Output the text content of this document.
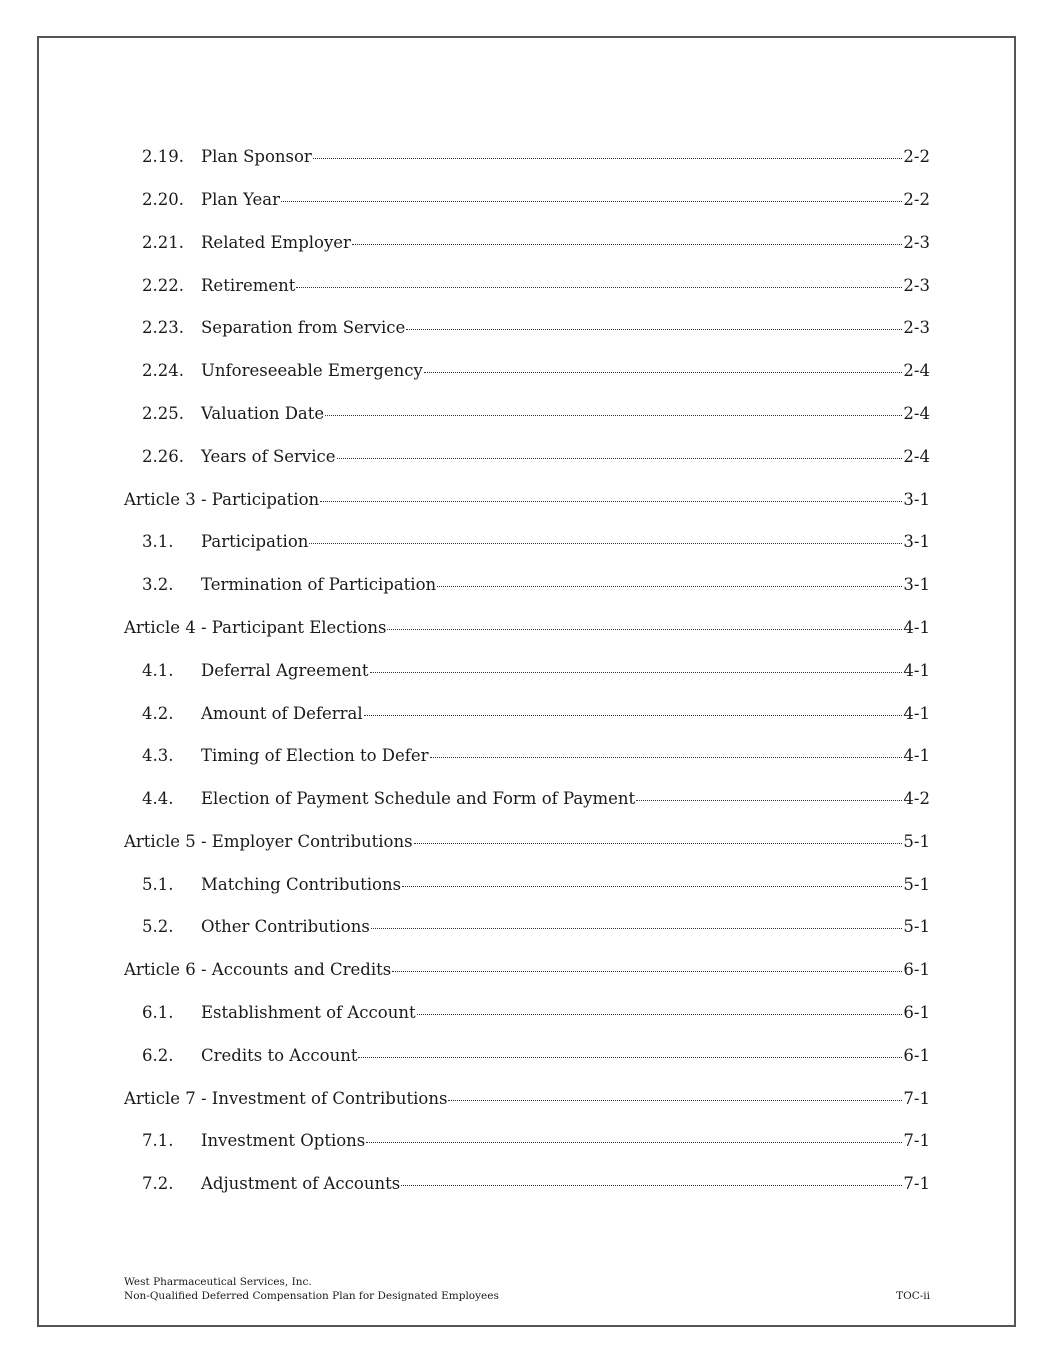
2.19.	Plan Sponsor	2-2
2.20.	Plan Year	2-2
2.21.	Related Employer	2-3
2.22.	Retirement	2-3
2.23.	Separation from Service	2-3
2.24.	Unforeseeable Emergency	2-4
2.25.	Valuation Date	2-4
2.26.	Years of Service	2-4
Article 3 - Participation	3-1
3.1.	Participation	3-1
3.2.	Termination of Participation	3-1
Article 4 - Participant Elections	4-1
4.1.	Deferral Agreement	4-1
4.2.	Amount of Deferral	4-1
4.3.	Timing of Election to Defer	4-1
4.4.	Election of Payment Schedule and Form of Payment	4-2
Article 5 - Employer Contributions	5-1
5.1.	Matching Contributions	5-1
5.2.	Other Contributions	5-1
Article 6 - Accounts and Credits	6-1
6.1.	Establishment of Account	6-1
6.2.	Credits to Account	6-1
Article 7 - Investment of Contributions	7-1
7.1.	Investment Options	7-1
7.2.	Adjustment of Accounts	7-1
West Pharmaceutical Services, Inc.
Non-Qualified Deferred Compensation Plan for Designated Employees	TOC-ii
